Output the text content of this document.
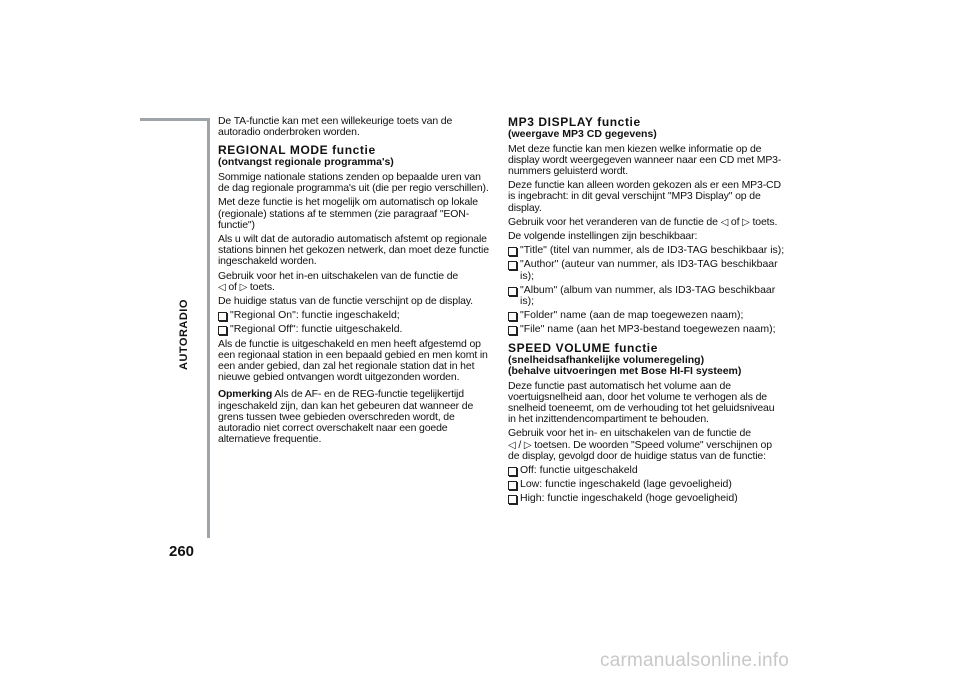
AUTORADIO
260

De TA-functie kan met een willekeurige toets van de autoradio onderbroken worden.

REGIONAL MODE functie
(ontvangst regionale programma's)

Sommige nationale stations zenden op bepaalde uren van de dag regionale programma's uit (die per regio verschillen).

Met deze functie is het mogelijk om automatisch op lokale (regionale) stations af te stemmen (zie paragraaf "EON-functie")

Als u wilt dat de autoradio automatisch afstemt op regionale stations binnen het gekozen netwerk, dan moet deze functie ingeschakeld worden.

Gebruik voor het in-en uitschakelen van de functie de
◁ of ▷ toets.

De huidige status van de functie verschijnt op de display.

"Regional On": functie ingeschakeld;
"Regional Off": functie uitgeschakeld.

Als de functie is uitgeschakeld en men heeft afgestemd op een regionaal station in een bepaald gebied en men komt in een ander gebied, dan zal het regionale station dat in het nieuwe gebied ontvangen wordt uitgezonden worden.

Opmerking Als de AF- en de REG-functie tegelijkertijd ingeschakeld zijn, dan kan het gebeuren dat wanneer de grens tussen twee gebieden overschreden wordt, de autoradio niet correct overschakelt naar een goede alternatieve frequentie.

MP3 DISPLAY functie
(weergave MP3 CD gegevens)

Met deze functie kan men kiezen welke informatie op de display wordt weergegeven wanneer naar een CD met MP3-nummers geluisterd wordt.

Deze functie kan alleen worden gekozen als er een MP3-CD is ingebracht: in dit geval verschijnt "MP3 Display" op de display.

Gebruik voor het veranderen van de functie de ◁ of ▷ toets.

De volgende instellingen zijn beschikbaar:

"Title" (titel van nummer, als de ID3-TAG beschikbaar is);
"Author" (auteur van nummer, als ID3-TAG beschikbaar is);
"Album" (album van nummer, als ID3-TAG beschikbaar is);
"Folder" name (aan de map toegewezen naam);
"File" name (aan het MP3-bestand toegewezen naam);
SPEED VOLUME functie
(snelheidsafhankelijke volumeregeling)
(behalve uitvoeringen met Bose HI-FI systeem)

Deze functie past automatisch het volume aan de voertuigsnelheid aan, door het volume te verhogen als de snelheid toeneemt, om de verhouding tot het geluidsniveau in het inzittendencompartiment te behouden.

Gebruik voor het in- en uitschakelen van de functie de
◁ / ▷ toetsen. De woorden "Speed volume" verschijnen op de display, gevolgd door de huidige status van de functie:

Off: functie uitgeschakeld
Low: functie ingeschakeld (lage gevoeligheid)
High: functie ingeschakeld (hoge gevoeligheid)
carmanualsonline.info
